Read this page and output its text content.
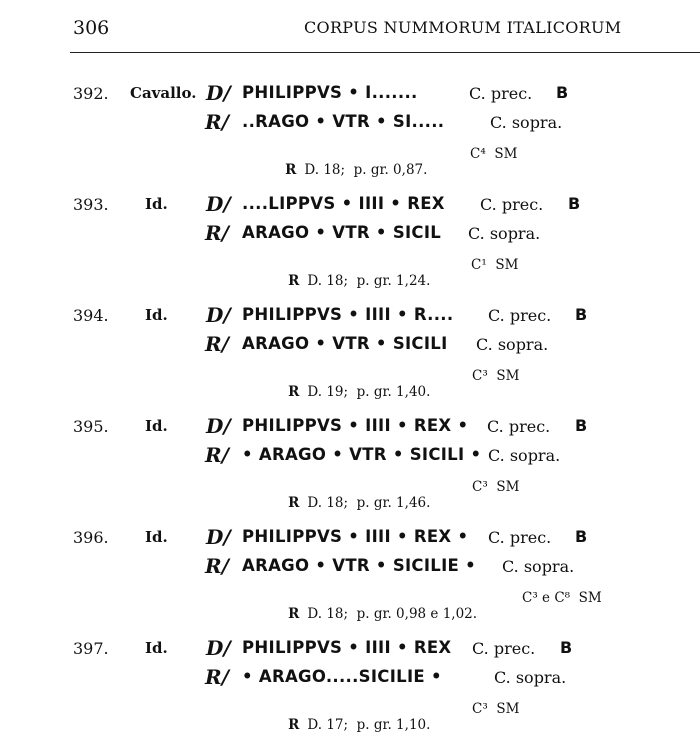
306	CORPUS NUMMORUM ITALICORUM
392. Cavallo. D/ PHILIPPVS • I.......	C. prec. B
R/ ..RAGO • VTR • SI.....	C. sopra.

R D. 18;  p. gr. 0,87.

C⁴  SM
393. Id. D/ ....LIPPVS • IIII • REX C. prec. B
R/ ARAGO • VTR • SICIL C. sopra.

R D. 18;  p. gr. 1,24.

C¹  SM
394. Id. D/ PHILIPPVS • IIII • R.... C. prec. B
R/ ARAGO • VTR • SICILI C. sopra.

R D. 19;  p. gr. 1,40.

C³  SM
395. Id. D/ PHILIPPVS • IIII • REX • C. prec. B
R/ • ARAGO • VTR • SICILI • C. sopra.

R D. 18;  p. gr. 1,46.

C³  SM
396. Id. D/ PHILIPPVS • IIII • REX • C. prec. B
R/ ARAGO • VTR • SICILIE • C. sopra.

R D. 18;  p. gr. 0,98 e 1,02.

C³ e C⁸  SM
397. Id. D/ PHILIPPVS • IIII • REX C. prec. B
R/ • ARAGO.....SICILIE •	C. sopra.

R D. 17;  p. gr. 1,10.

C³  SM
